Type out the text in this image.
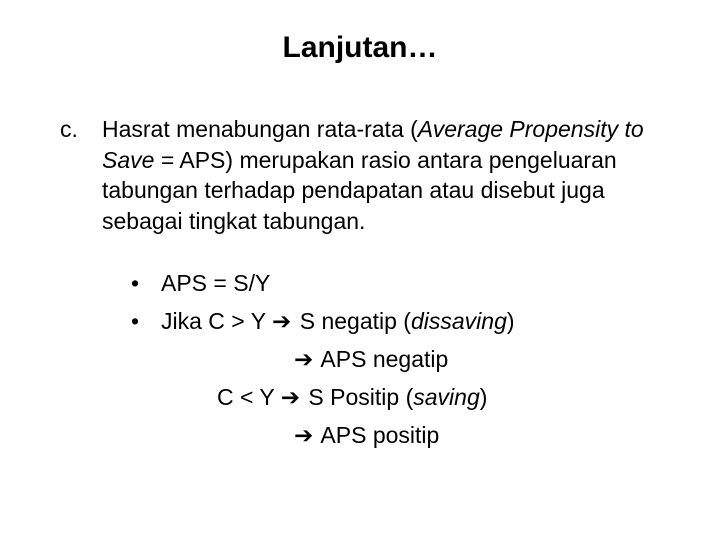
Lanjutan…
c. Hasrat menabungan rata-rata (Average Propensity to Save = APS) merupakan rasio antara pengeluaran tabungan terhadap pendapatan atau disebut juga sebagai tingkat tabungan.
• APS = S/Y
• Jika C > Y ➔ S negatip (dissaving)
➔ APS negatip
C < Y ➔ S Positip (saving)
➔ APS positip
